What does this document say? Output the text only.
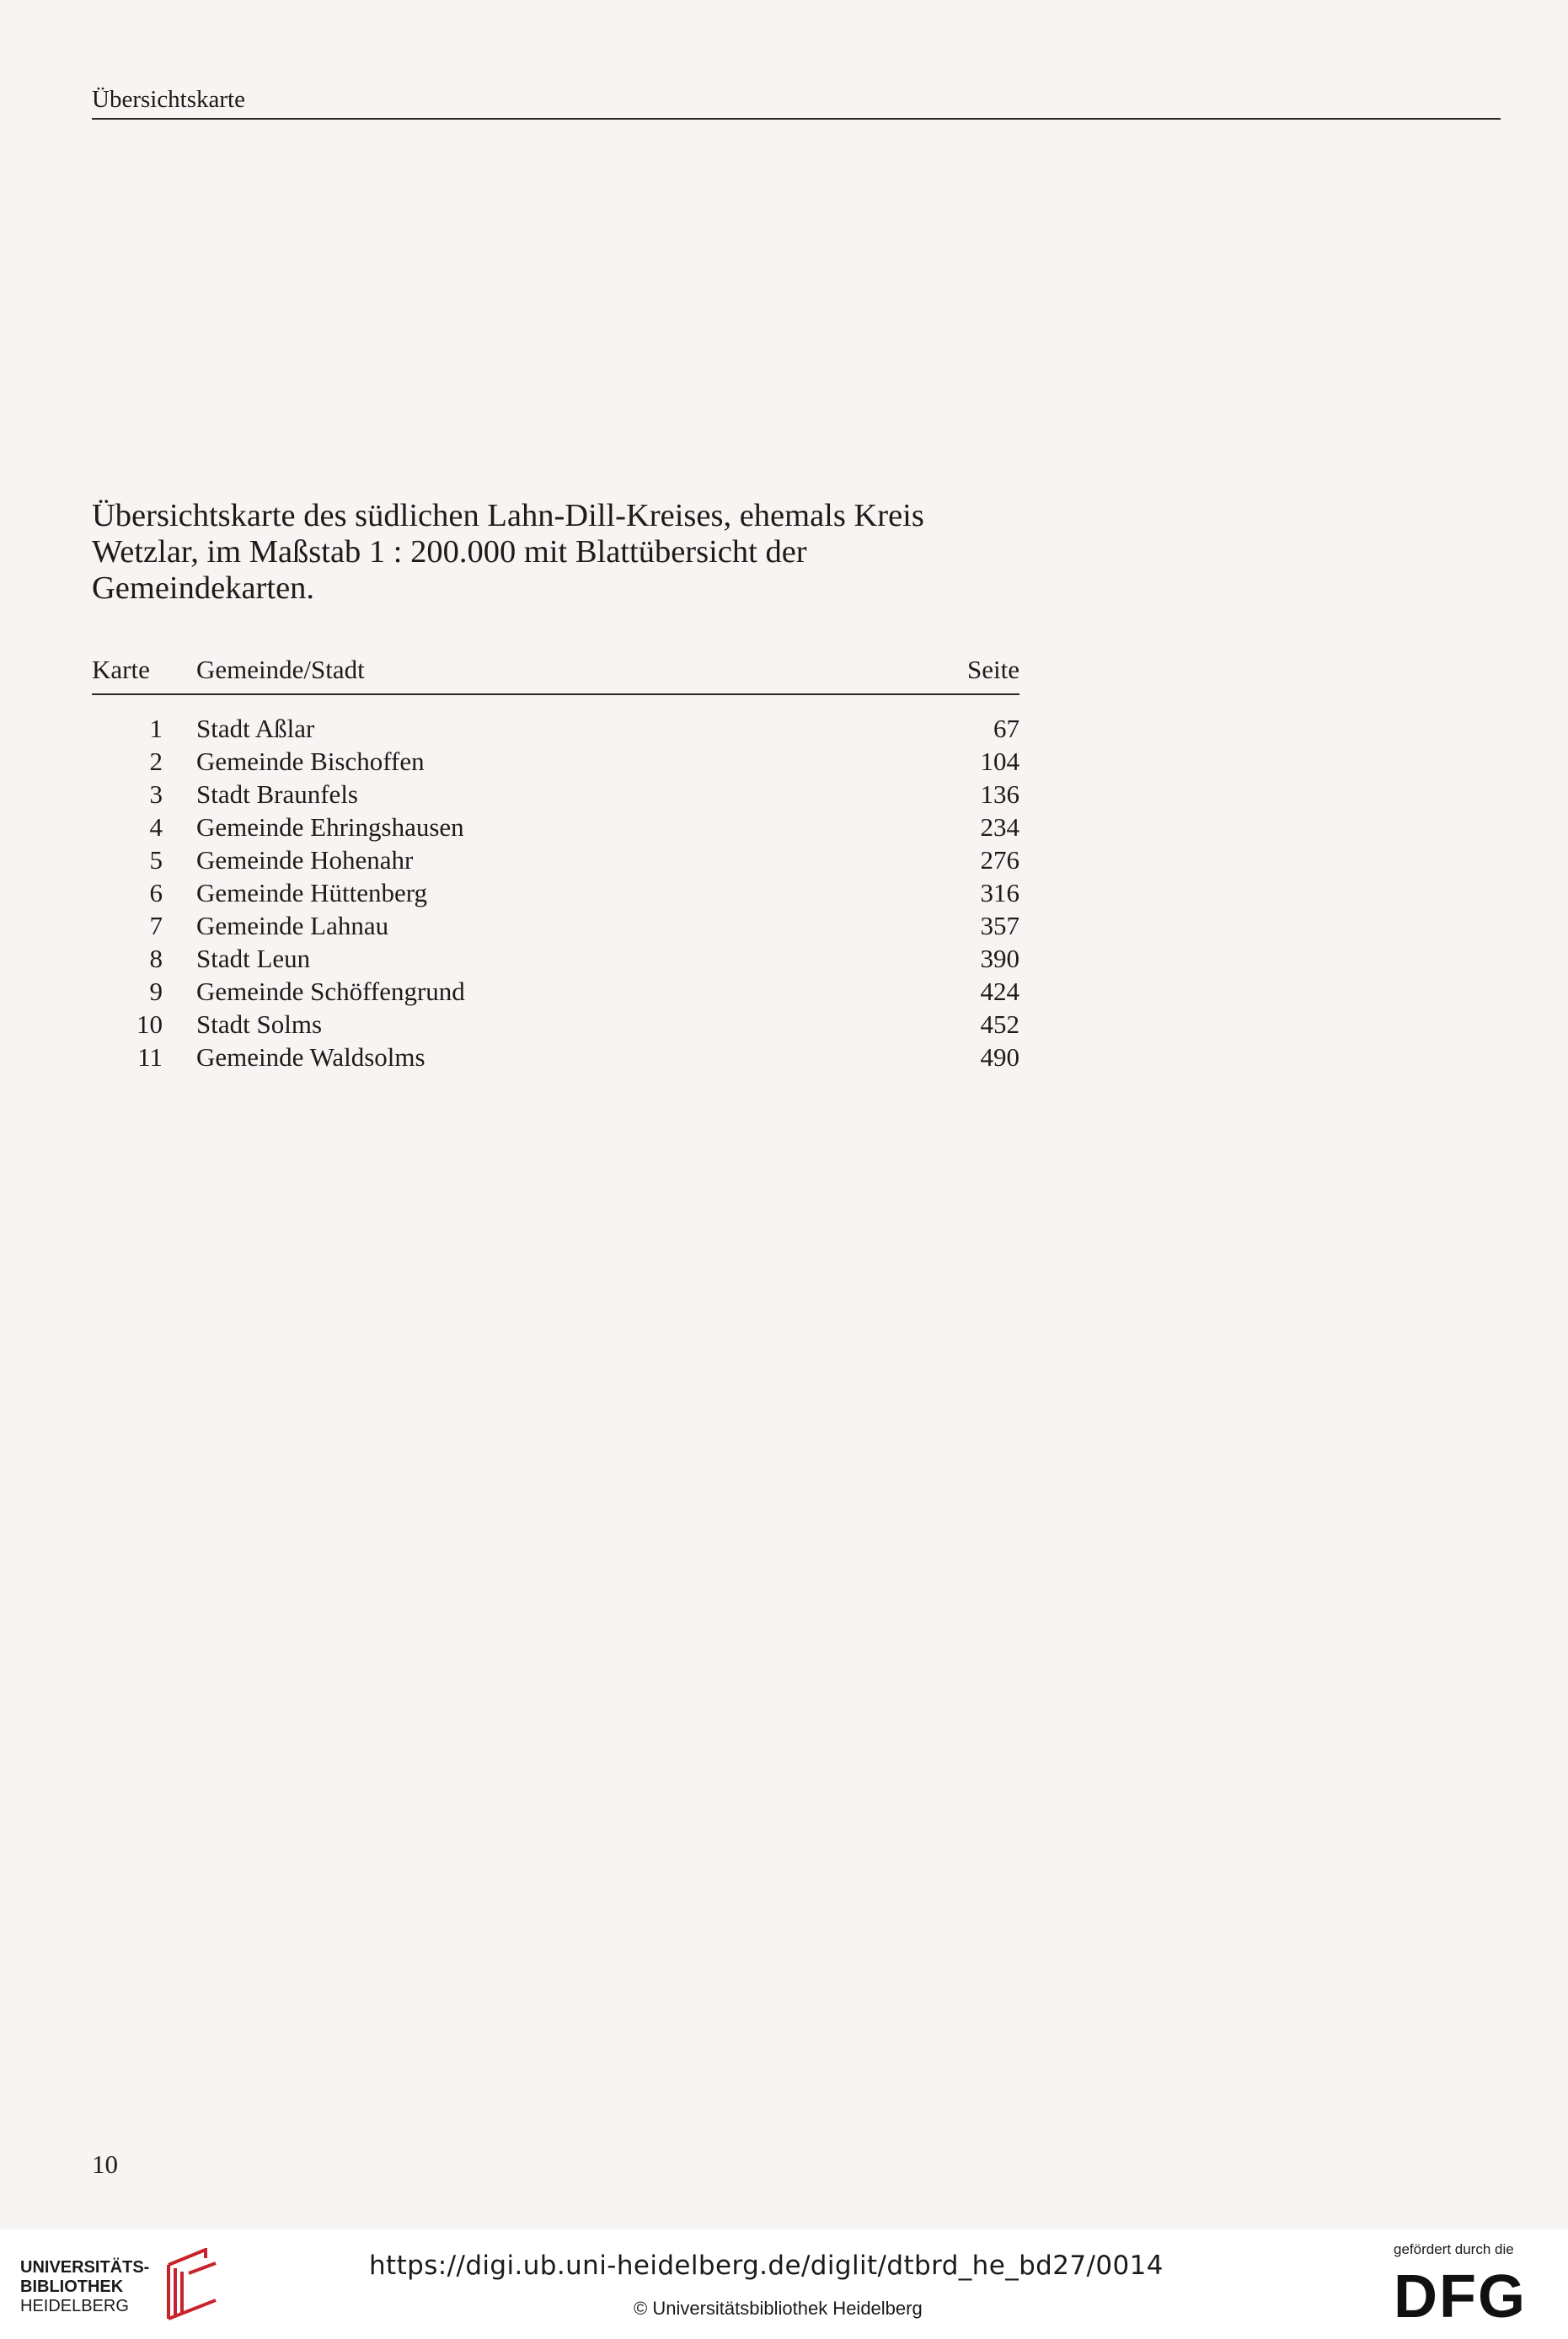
Übersichtskarte
Übersichtskarte des südlichen Lahn-Dill-Kreises, ehemals Kreis Wetzlar, im Maßstab 1 : 200.000 mit Blattübersicht der Gemeindekarten.
Karte Gemeinde/Stadt	Seite
1 Stadt Aßlar	67
2 Gemeinde Bischoffen	104
3 Stadt Braunfels	136
4 Gemeinde Ehringshausen	234
5 Gemeinde Hohenahr	276
6 Gemeinde Hüttenberg	316
7 Gemeinde Lahnau	357
8 Stadt Leun	390
9 Gemeinde Schöffengrund	424
10 Stadt Solms	452
11 Gemeinde Waldsolms	490
10
UNIVERSITÄTS-
BIBLIOTHEK
HEIDELBERG
https://digi.ub.uni-heidelberg.de/diglit/dtbrd_he_bd27/0014
© Universitätsbibliothek Heidelberg
gefördert durch die
DFG
